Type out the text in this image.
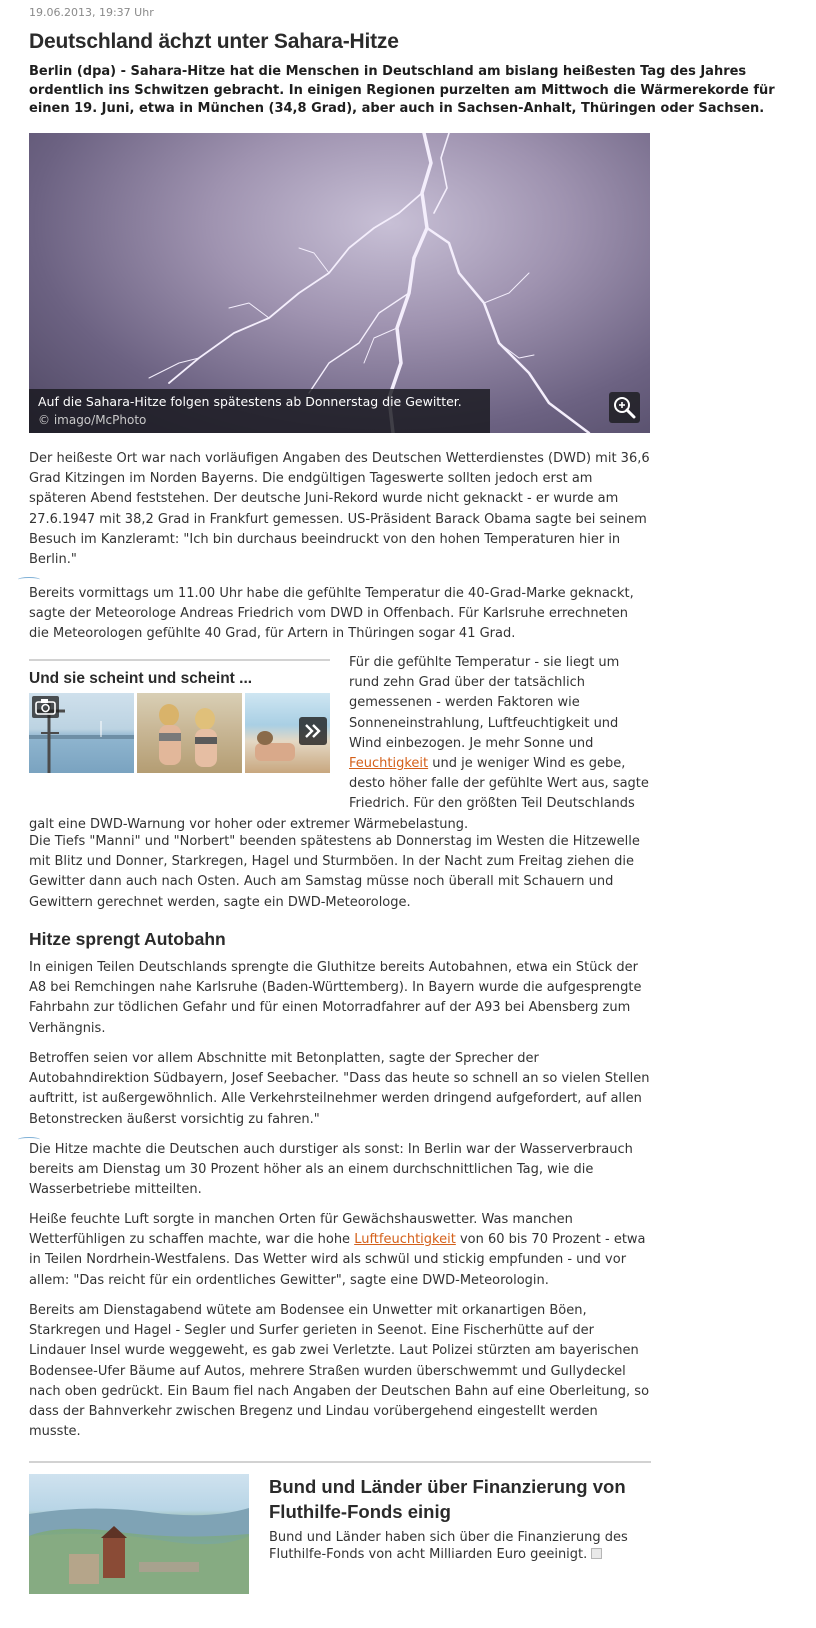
19.06.2013, 19:37 Uhr
Deutschland ächzt unter Sahara-Hitze

Berlin (dpa) - Sahara-Hitze hat die Menschen in Deutschland am bislang heißesten Tag des Jahres ordentlich ins Schwitzen gebracht. In einigen Regionen purzelten am Mittwoch die Wärmerekorde für einen 19. Juni, etwa in München (34,8 Grad), aber auch in Sachsen-Anhalt, Thüringen oder Sachsen.

Auf die Sahara-Hitze folgen spätestens ab Donnerstag die Gewitter.
© imago/McPhoto

Der heißeste Ort war nach vorläufigen Angaben des Deutschen Wetterdienstes (DWD) mit 36,6 Grad Kitzingen im Norden Bayerns. Die endgültigen Tageswerte sollten jedoch erst am späteren Abend feststehen. Der deutsche Juni-Rekord wurde nicht geknackt - er wurde am 27.6.1947 mit 38,2 Grad in Frankfurt gemessen. US-Präsident Barack Obama sagte bei seinem Besuch im Kanzleramt: "Ich bin durchaus beeindruckt von den hohen Temperaturen hier in Berlin."

Bereits vormittags um 11.00 Uhr habe die gefühlte Temperatur die 40-Grad-Marke geknackt, sagte der Meteorologe Andreas Friedrich vom DWD in Offenbach. Für Karlsruhe errechneten die Meteorologen gefühlte 40 Grad, für Artern in Thüringen sogar 41 Grad.

Und sie scheint und scheint ...

Für die gefühlte Temperatur - sie liegt um rund zehn Grad über der tatsächlich gemessenen - werden Faktoren wie Sonneneinstrahlung, Luftfeuchtigkeit und Wind einbezogen. Je mehr Sonne und Feuchtigkeit und je weniger Wind es gebe, desto höher falle der gefühlte Wert aus, sagte Friedrich. Für den größten Teil Deutschlands galt eine DWD-Warnung vor hoher oder extremer Wärmebelastung.

Die Tiefs "Manni" und "Norbert" beenden spätestens ab Donnerstag im Westen die Hitzewelle mit Blitz und Donner, Starkregen, Hagel und Sturmböen. In der Nacht zum Freitag ziehen die Gewitter dann auch nach Osten. Auch am Samstag müsse noch überall mit Schauern und Gewittern gerechnet werden, sagte ein DWD-Meteorologe.

Hitze sprengt Autobahn

In einigen Teilen Deutschlands sprengte die Gluthitze bereits Autobahnen, etwa ein Stück der A8 bei Remchingen nahe Karlsruhe (Baden-Württemberg). In Bayern wurde die aufgesprengte Fahrbahn zur tödlichen Gefahr und für einen Motorradfahrer auf der A93 bei Abensberg zum Verhängnis.

Betroffen seien vor allem Abschnitte mit Betonplatten, sagte der Sprecher der Autobahndirektion Südbayern, Josef Seebacher. "Dass das heute so schnell an so vielen Stellen auftritt, ist außergewöhnlich. Alle Verkehrsteilnehmer werden dringend aufgefordert, auf allen Betonstrecken äußerst vorsichtig zu fahren."

Die Hitze machte die Deutschen auch durstiger als sonst: In Berlin war der Wasserverbrauch bereits am Dienstag um 30 Prozent höher als an einem durchschnittlichen Tag, wie die Wasserbetriebe mitteilten.

Heiße feuchte Luft sorgte in manchen Orten für Gewächshauswetter. Was manchen Wetterfühligen zu schaffen machte, war die hohe Luftfeuchtigkeit von 60 bis 70 Prozent - etwa in Teilen Nordrhein-Westfalens. Das Wetter wird als schwül und stickig empfunden - und vor allem: "Das reicht für ein ordentliches Gewitter", sagte eine DWD-Meteorologin.

Bereits am Dienstagabend wütete am Bodensee ein Unwetter mit orkanartigen Böen, Starkregen und Hagel - Segler und Surfer gerieten in Seenot. Eine Fischerhütte auf der Lindauer Insel wurde weggeweht, es gab zwei Verletzte. Laut Polizei stürzten am bayerischen Bodensee-Ufer Bäume auf Autos, mehrere Straßen wurden überschwemmt und Gullydeckel nach oben gedrückt. Ein Baum fiel nach Angaben der Deutschen Bahn auf eine Oberleitung, so dass der Bahnverkehr zwischen Bregenz und Lindau vorübergehend eingestellt werden musste.

Bund und Länder über Finanzierung von Fluthilfe-Fonds einig

Bund und Länder haben sich über die Finanzierung des Fluthilfe-Fonds von acht Milliarden Euro geeinigt.
